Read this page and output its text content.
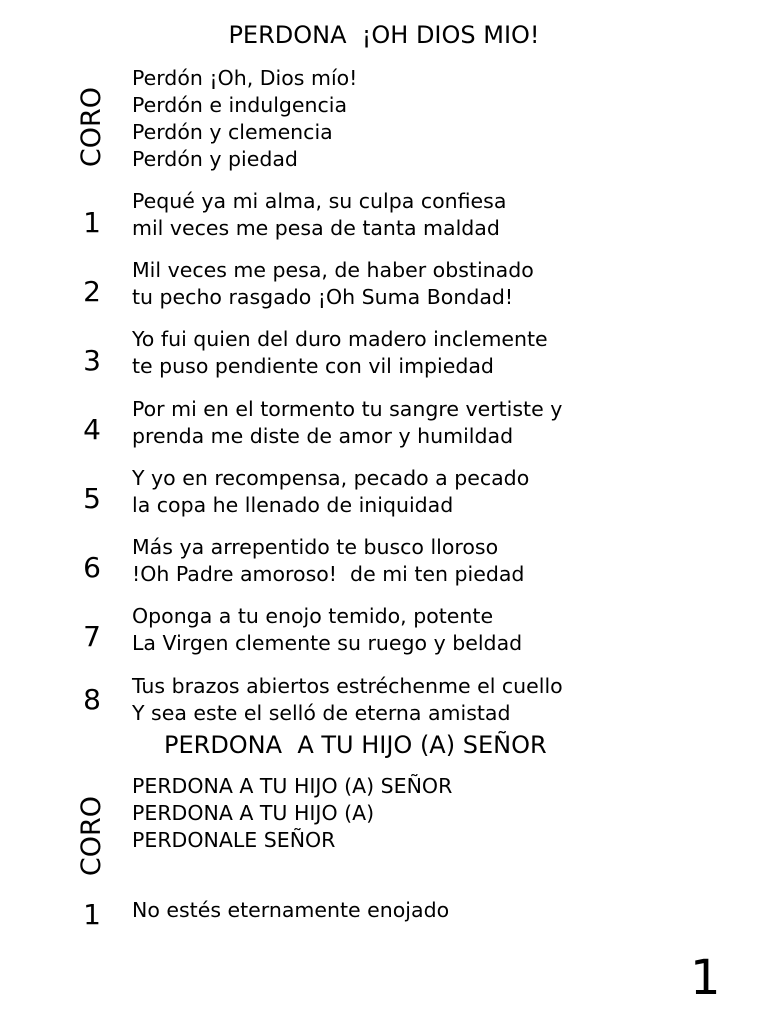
PERDONA  ¡OH DIOS MIO!
CORO
Perdón ¡Oh, Dios mío!
Perdón e indulgencia
Perdón y clemencia
Perdón y piedad
1
Pequé ya mi alma, su culpa confiesa
mil veces me pesa de tanta maldad
2
Mil veces me pesa, de haber obstinado
tu pecho rasgado ¡Oh Suma Bondad!
3
Yo fui quien del duro madero inclemente
te puso pendiente con vil impiedad
4
Por mi en el tormento tu sangre vertiste y
prenda me diste de amor y humildad
5
Y yo en recompensa, pecado a pecado
la copa he llenado de iniquidad
6
Más ya arrepentido te busco lloroso
!Oh Padre amoroso!  de mi ten piedad
7
Oponga a tu enojo temido, potente
La Virgen clemente su ruego y beldad
8	Tus brazos abiertos estréchenme el cuello
Y sea este el selló de eterna amistad
PERDONA  A TU HIJO (A) SEÑOR
CORO
PERDONA A TU HIJO (A) SEÑOR
PERDONA A TU HIJO (A)
PERDONALE SEÑOR
1	No estés eternamente enojado
1
